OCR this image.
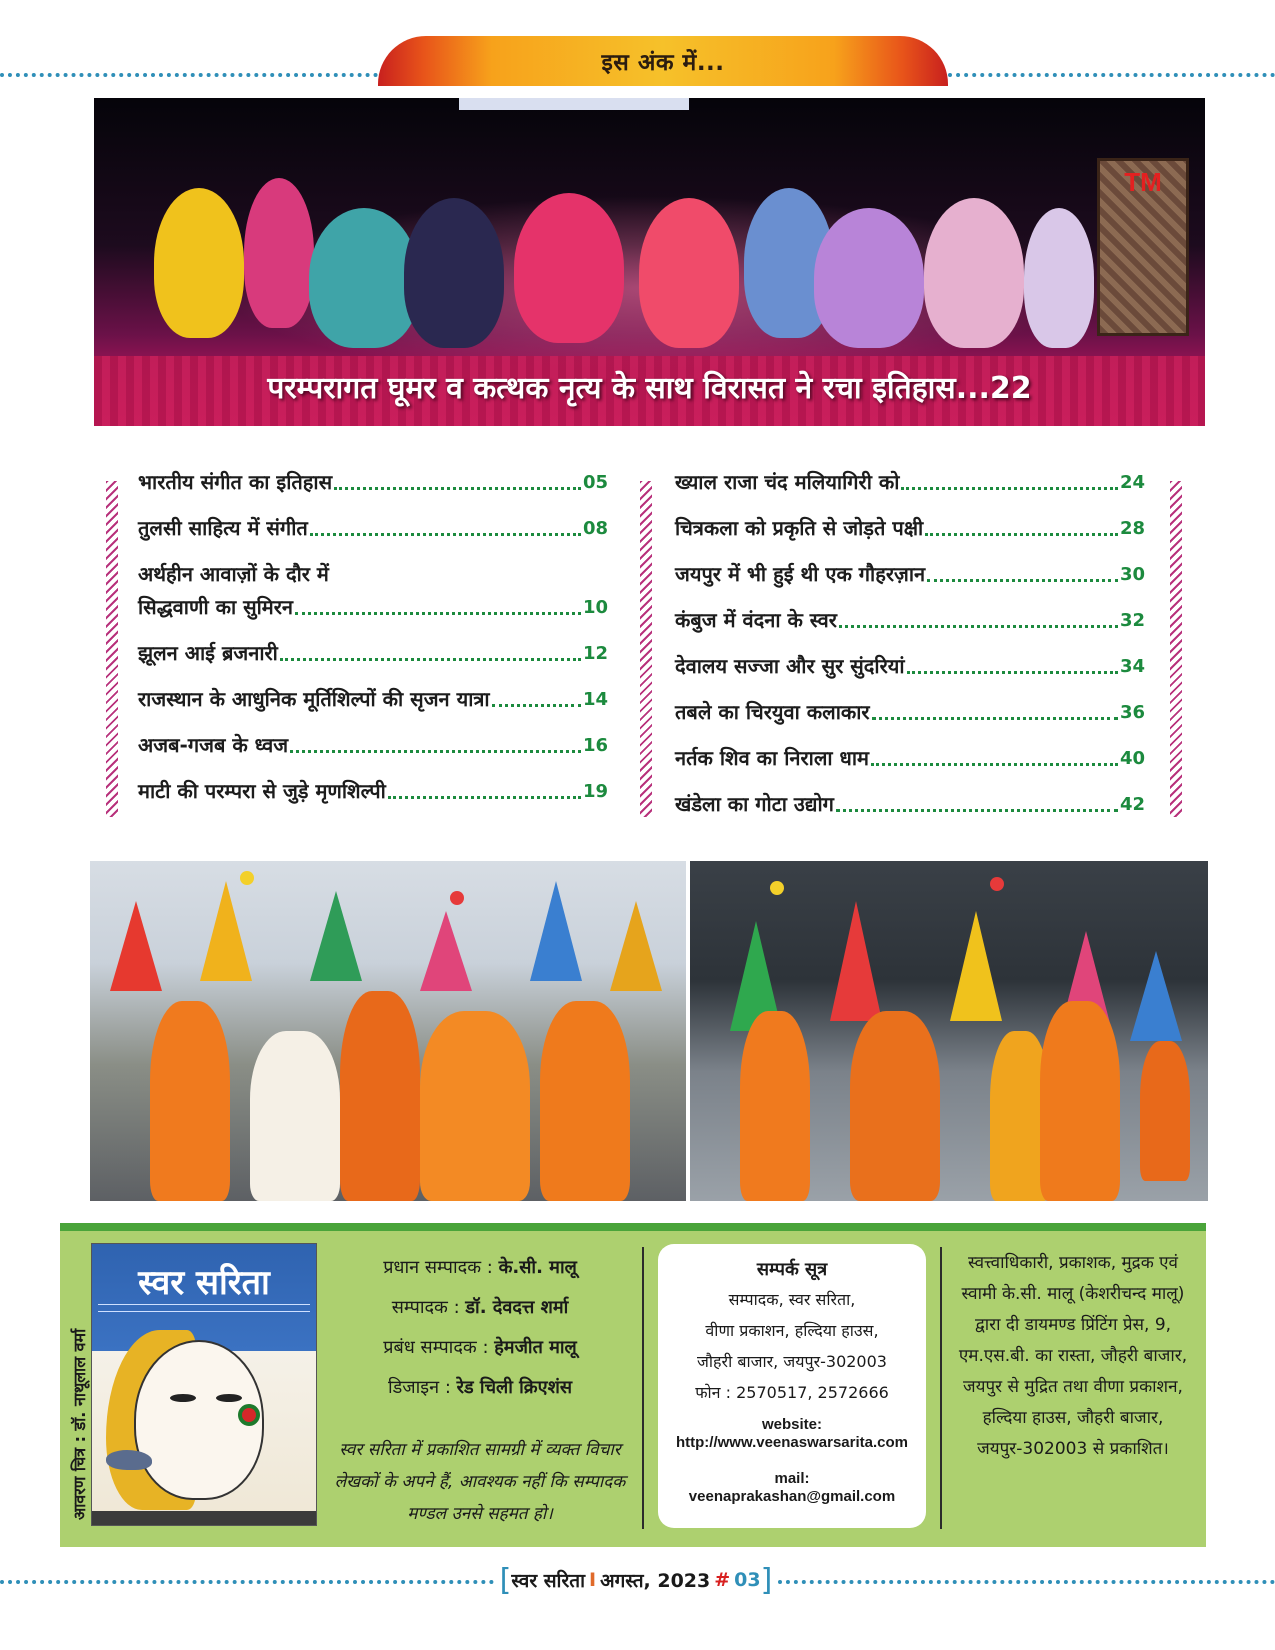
इस अंक में...
TM
परम्परागत घूमर व कत्थक नृत्य के साथ विरासत ने रचा इतिहास...22
भारतीय संगीत का इतिहास	05
तुलसी साहित्य में संगीत	08
अर्थहीन आवाज़ों के दौर में
सिद्धवाणी का सुमिरन	10
झूलन आई ब्रजनारी	12
राजस्थान के आधुनिक मूर्तिशिल्पों की सृजन यात्रा	14
अजब-गजब के ध्वज	16
माटी की परम्परा से जुड़े मृणशिल्पी	19
ख्याल राजा चंद मलियागिरी को	24
चित्रकला को प्रकृति से जोड़ते पक्षी	28
जयपुर में भी हुई थी एक गौहरज़ान	30
कंबुज में वंदना के स्वर	32
देवालय सज्जा और सुर सुंदरियां	34
तबले का चिरयुवा कलाकार	36
नर्तक शिव का निराला धाम	40
खंडेला का गोटा उद्योग	42
स्वर सरिता
आवरण चित्र : डॉ. नाथूलाल वर्मा
प्रधान सम्पादक : के.सी. मालू
सम्पादक : डॉ. देवदत्त शर्मा
प्रबंध सम्पादक : हेमजीत मालू
डिजाइन : रेड चिली क्रिएशंस
स्वर सरिता में प्रकाशित सामग्री में व्यक्त विचार लेखकों के अपने हैं, आवश्यक नहीं कि सम्पादक मण्डल उनसे सहमत हो।
सम्पर्क सूत्र
सम्पादक, स्वर सरिता,
वीणा प्रकाशन, हल्दिया हाउस,
जौहरी बाजार, जयपुर-302003
फोन : 2570517, 2572666
website:
http://www.veenaswarsarita.com
mail:
veenaprakashan@gmail.com
स्वत्त्वाधिकारी, प्रकाशक, मुद्रक एवं स्वामी के.सी. मालू (केशरीचन्द मालू) द्वारा दी डायमण्ड प्रिंटिंग प्रेस, 9, एम.एस.बी. का रास्ता, जौहरी बाजार, जयपुर से मुद्रित तथा वीणा प्रकाशन, हल्दिया हाउस, जौहरी बाजार, जयपुर-302003 से प्रकाशित।
[ स्वर सरिता I अगस्त, 2023 # 03 ]
